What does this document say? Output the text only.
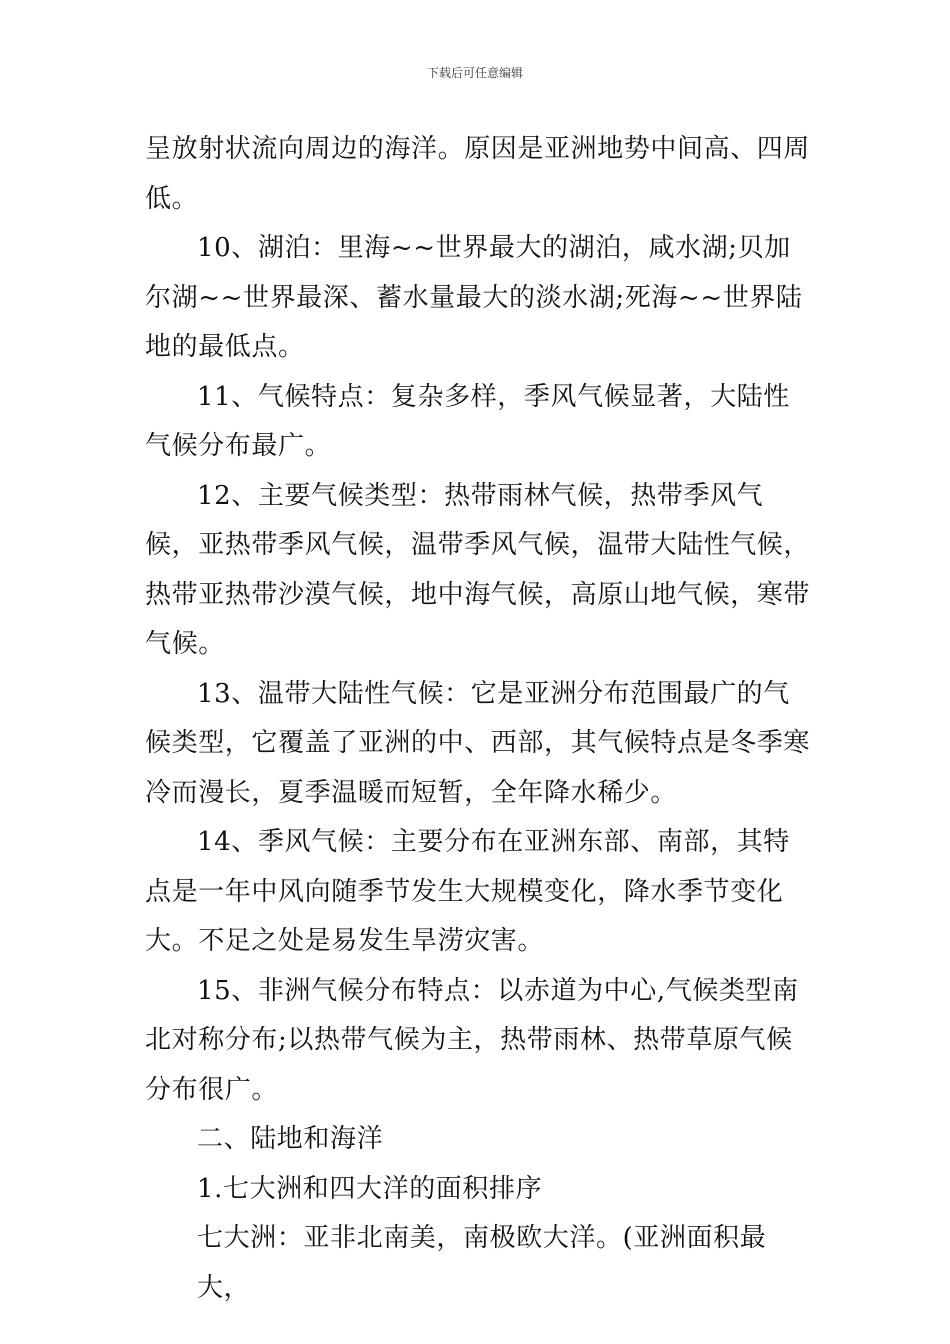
下载后可任意编辑

呈放射状流向周边的海洋。原因是亚洲地势中间高、四周低。

10、湖泊：里海~~世界最大的湖泊，咸水湖;贝加尔湖~~世界最深、蓄水量最大的淡水湖;死海~~世界陆地的最低点。

11、气候特点：复杂多样，季风气候显著，大陆性气候分布最广。

12、主要气候类型：热带雨林气候，热带季风气候，亚热带季风气候，温带季风气候，温带大陆性气候，热带亚热带沙漠气候，地中海气候，高原山地气候，寒带气候。

13、温带大陆性气候：它是亚洲分布范围最广的气候类型，它覆盖了亚洲的中、西部，其气候特点是冬季寒冷而漫长，夏季温暖而短暂，全年降水稀少。

14、季风气候：主要分布在亚洲东部、南部，其特点是一年中风向随季节发生大规模变化，降水季节变化大。不足之处是易发生旱涝灾害。

15、非洲气候分布特点：以赤道为中心,气候类型南北对称分布;以热带气候为主，热带雨林、热带草原气候分布很广。

二、陆地和海洋

1.七大洲和四大洋的面积排序

七大洲：亚非北南美，南极欧大洋。(亚洲面积最大，
